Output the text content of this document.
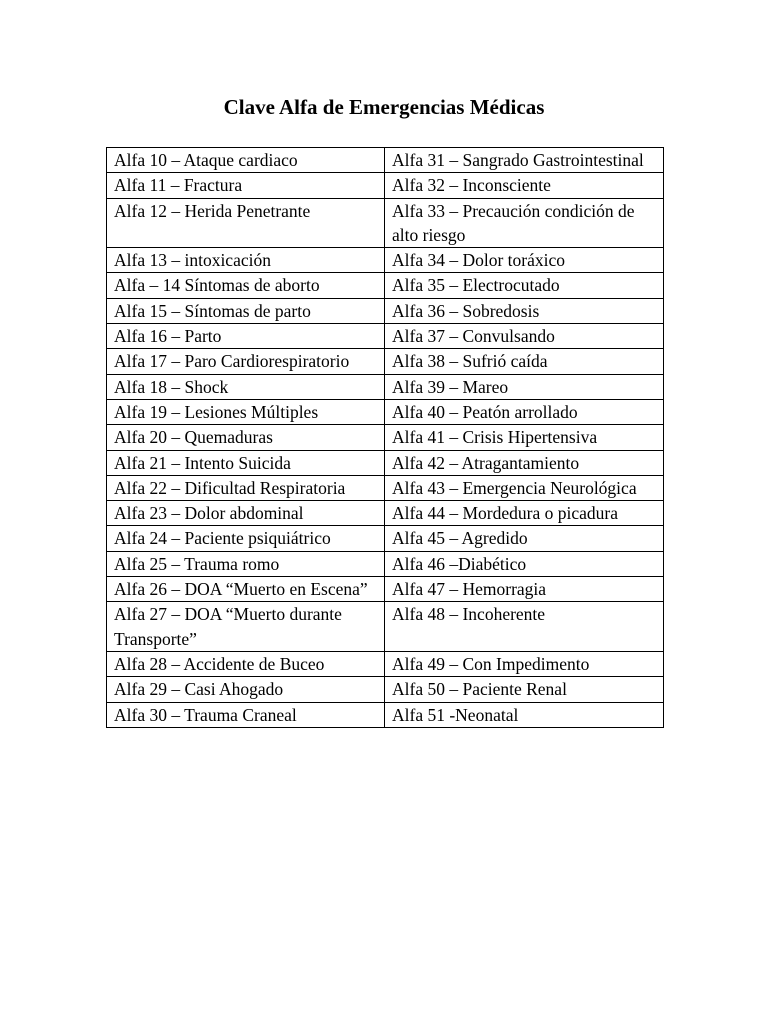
Clave Alfa de Emergencias Médicas
Alfa 10 – Ataque cardiaco	Alfa 31 – Sangrado Gastrointestinal
Alfa 11 – Fractura	Alfa 32 – Inconsciente
Alfa 12 – Herida Penetrante	Alfa 33 – Precaución condición de alto riesgo
Alfa 13 – intoxicación	Alfa 34 – Dolor toráxico
Alfa – 14 Síntomas de aborto	Alfa 35 – Electrocutado
Alfa 15 – Síntomas de parto	Alfa 36 – Sobredosis
Alfa 16 – Parto	Alfa 37 – Convulsando
Alfa 17 – Paro Cardiorespiratorio	Alfa 38 – Sufrió caída
Alfa 18 – Shock	Alfa 39 – Mareo
Alfa 19 – Lesiones Múltiples	Alfa 40 – Peatón arrollado
Alfa 20 – Quemaduras	Alfa 41 – Crisis Hipertensiva
Alfa 21 – Intento Suicida	Alfa 42 – Atragantamiento
Alfa 22 – Dificultad Respiratoria	Alfa 43 – Emergencia Neurológica
Alfa 23 – Dolor abdominal	Alfa 44 – Mordedura o picadura
Alfa 24 – Paciente psiquiátrico	Alfa 45 – Agredido
Alfa 25 – Trauma romo	Alfa 46 –Diabético
Alfa 26 – DOA “Muerto en Escena”	Alfa 47 – Hemorragia
Alfa 27 – DOA “Muerto durante Transporte”	Alfa 48 – Incoherente
Alfa 28 – Accidente de Buceo	Alfa 49 – Con Impedimento
Alfa 29 – Casi Ahogado	Alfa 50 – Paciente Renal
Alfa 30 – Trauma Craneal	Alfa 51 -Neonatal
